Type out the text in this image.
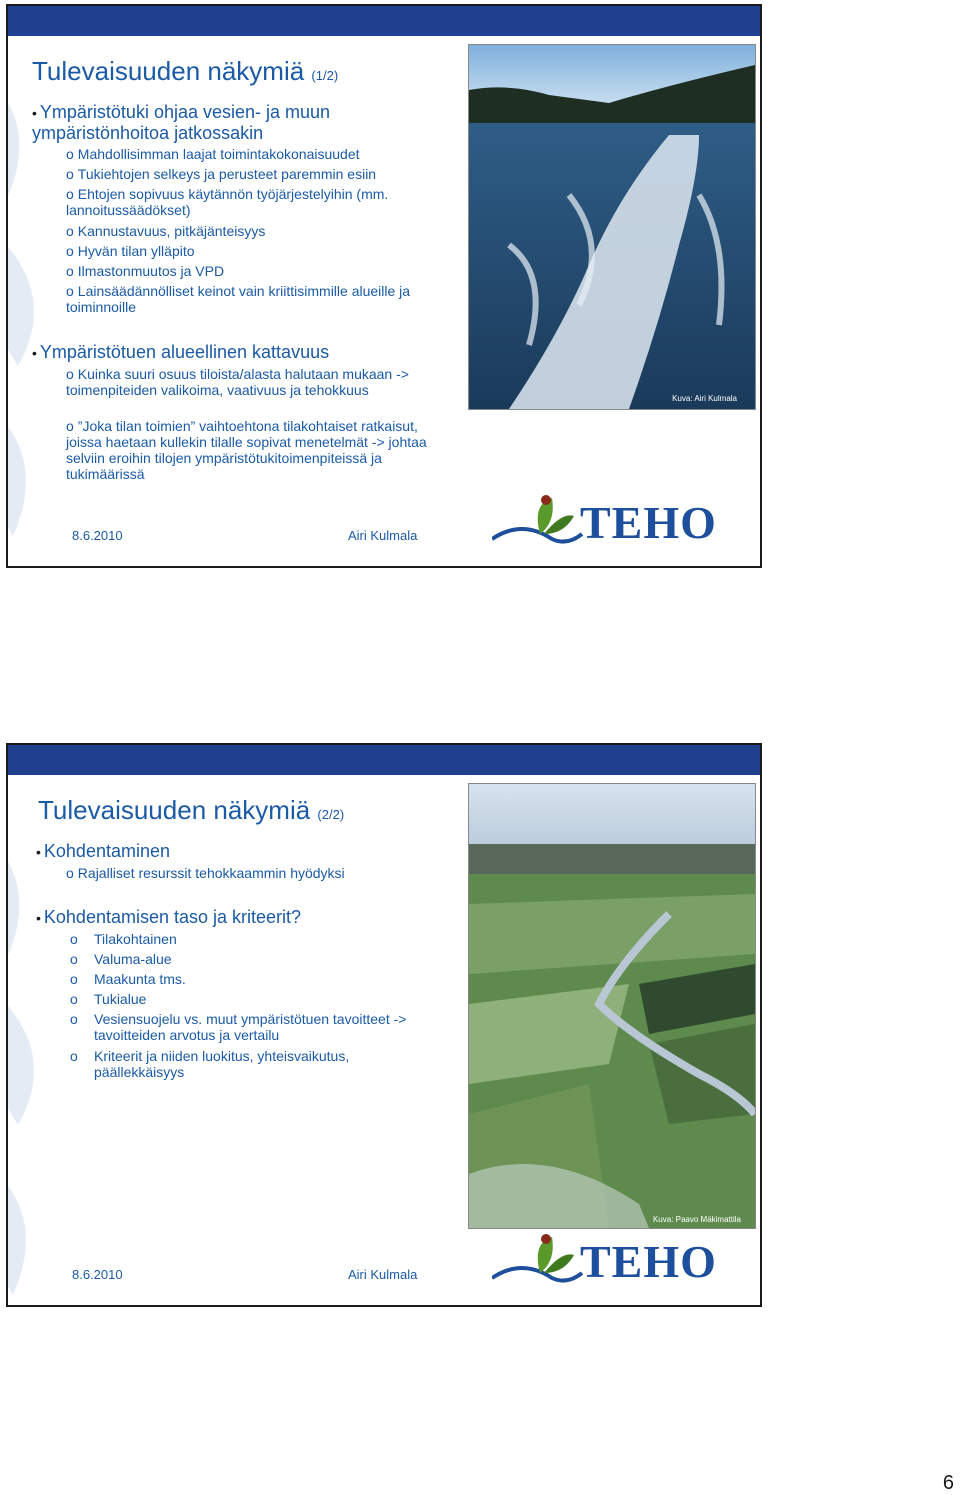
Tulevaisuuden näkymiä (1/2)
• Ympäristötuki ohjaa vesien- ja muun ympäristönhoitoa jatkossakin
o Mahdollisimman laajat toimintakokonaisuudet
o Tukiehtojen selkeys ja perusteet paremmin esiin
o Ehtojen sopivuus käytännön työjärjestelyihin (mm. lannoitussäädökset)
o Kannustavuus, pitkäjänteisyys
o Hyvän tilan ylläpito
o Ilmastonmuutos ja VPD
o Lainsäädännölliset keinot vain kriittisimmille alueille ja toiminnoille
• Ympäristötuen alueellinen kattavuus
o Kuinka suuri osuus tiloista/alasta halutaan mukaan -> toimenpiteiden valikoima, vaativuus ja tehokkuus
o ”Joka tilan toimien” vaihtoehtona tilakohtaiset ratkaisut, joissa haetaan kullekin tilalle sopivat menetelmät -> johtaa selviin eroihin tilojen ympäristötukitoimenpiteissä ja tukimäärissä
Kuva: Airi Kulmala
8.6.2010	Airi Kulmala	TEHO
Tulevaisuuden näkymiä (2/2)
• Kohdentaminen
o Rajalliset resurssit tehokkaammin hyödyksi
• Kohdentamisen taso ja kriteerit?
o Tilakohtainen
o Valuma-alue
o Maakunta tms.
o Tukialue
o Vesiensuojelu vs. muut ympäristötuen tavoitteet -> tavoitteiden arvotus ja vertailu
o Kriteerit ja niiden luokitus, yhteisvaikutus, päällekkäisyys
Kuva: Paavo Mäkimattila
8.6.2010	Airi Kulmala	TEHO
6
